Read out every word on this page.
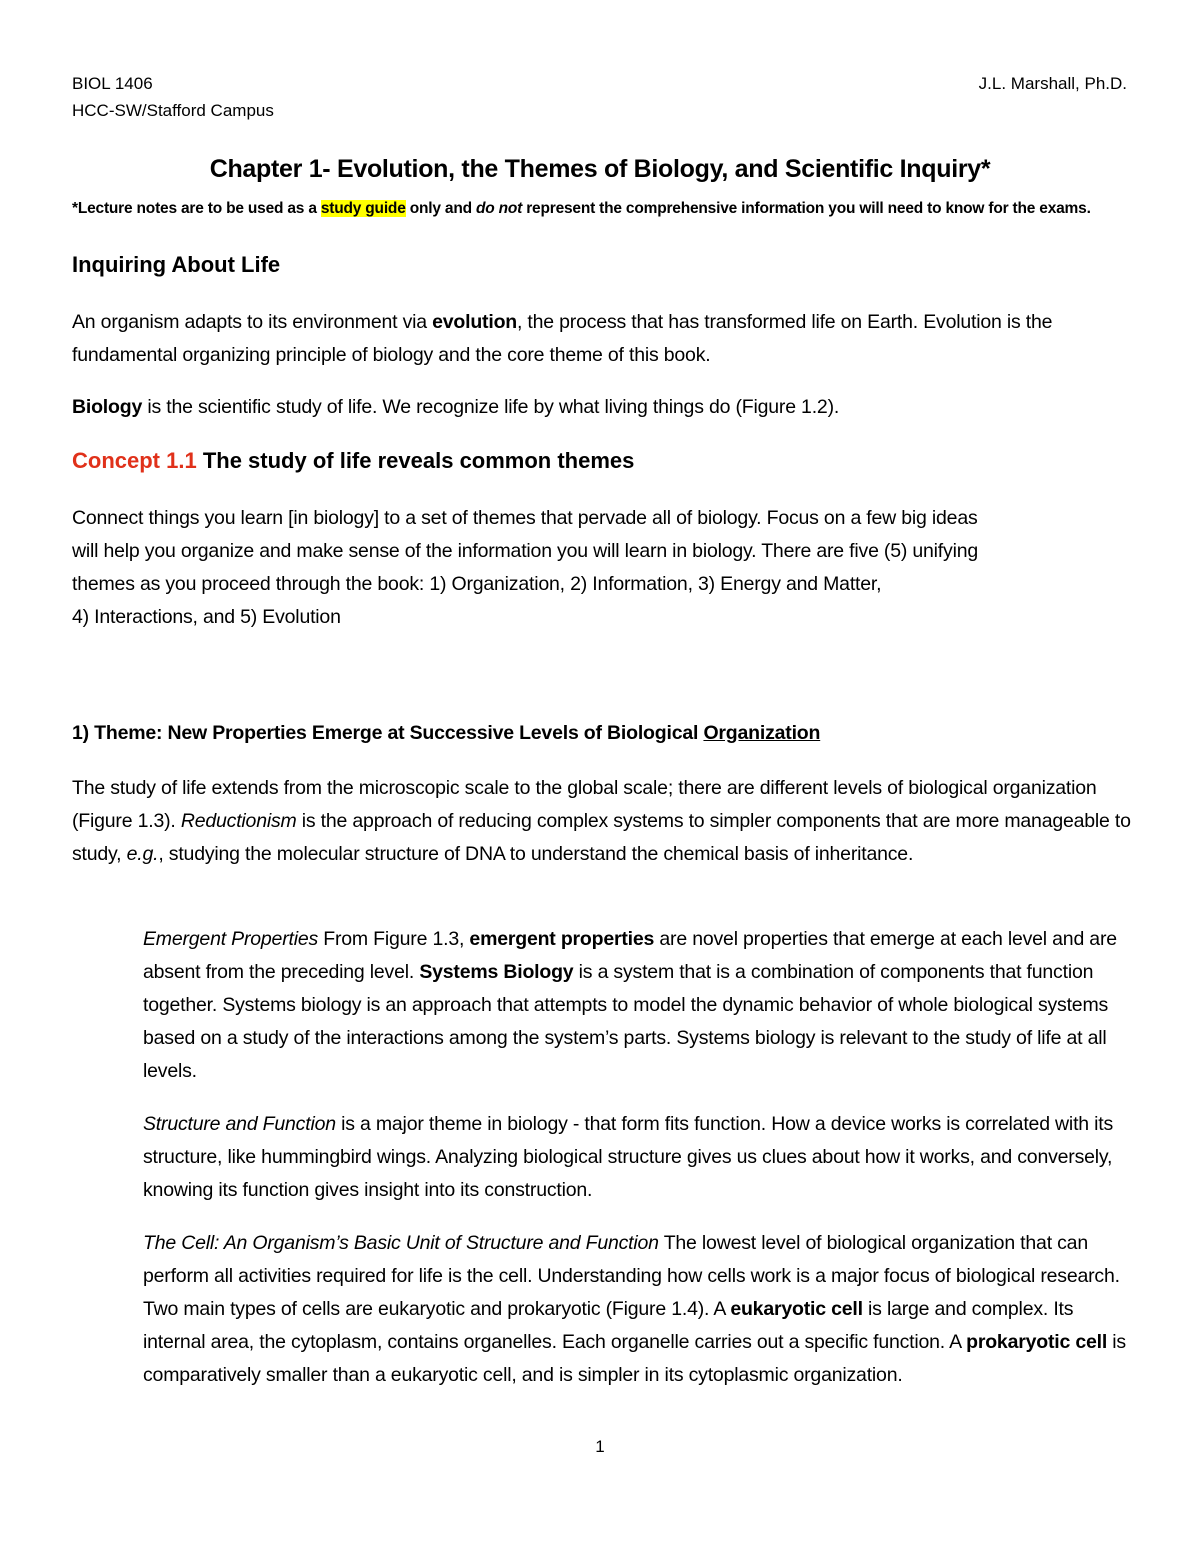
BIOL 1406
HCC-SW/Stafford Campus
J.L. Marshall, Ph.D.
Chapter 1- Evolution, the Themes of Biology, and Scientific Inquiry*
*Lecture notes are to be used as a study guide only and do not represent the comprehensive information you will need to know for the exams.
Inquiring About Life

An organism adapts to its environment via evolution, the process that has transformed life on Earth. Evolution is the fundamental organizing principle of biology and the core theme of this book.

Biology is the scientific study of life. We recognize life by what living things do (Figure 1.2).

Concept 1.1 The study of life reveals common themes
Connect things you learn [in biology] to a set of themes that pervade all of biology. Focus on a few big ideas
will help you organize and make sense of the information you will learn in biology. There are five (5) unifying
themes as you proceed through the book: 1) Organization, 2) Information, 3) Energy and Matter,
4) Interactions, and 5) Evolution
1) Theme: New Properties Emerge at Successive Levels of Biological Organization

The study of life extends from the microscopic scale to the global scale; there are different levels of biological organization (Figure 1.3). Reductionism is the approach of reducing complex systems to simpler components that are more manageable to study, e.g., studying the molecular structure of DNA to understand the chemical basis of inheritance.

Emergent Properties From Figure 1.3, emergent properties are novel properties that emerge at each level and are absent from the preceding level. Systems Biology is a system that is a combination of components that function together. Systems biology is an approach that attempts to model the dynamic behavior of whole biological systems based on a study of the interactions among the system’s parts. Systems biology is relevant to the study of life at all levels.

Structure and Function is a major theme in biology - that form fits function. How a device works is correlated with its structure, like hummingbird wings. Analyzing biological structure gives us clues about how it works, and conversely, knowing its function gives insight into its construction.

The Cell: An Organism’s Basic Unit of Structure and Function The lowest level of biological organization that can perform all activities required for life is the cell. Understanding how cells work is a major focus of biological research. Two main types of cells are eukaryotic and prokaryotic (Figure 1.4). A eukaryotic cell is large and complex. Its internal area, the cytoplasm, contains organelles. Each organelle carries out a specific function. A prokaryotic cell is comparatively smaller than a eukaryotic cell, and is simpler in its cytoplasmic organization.

1
